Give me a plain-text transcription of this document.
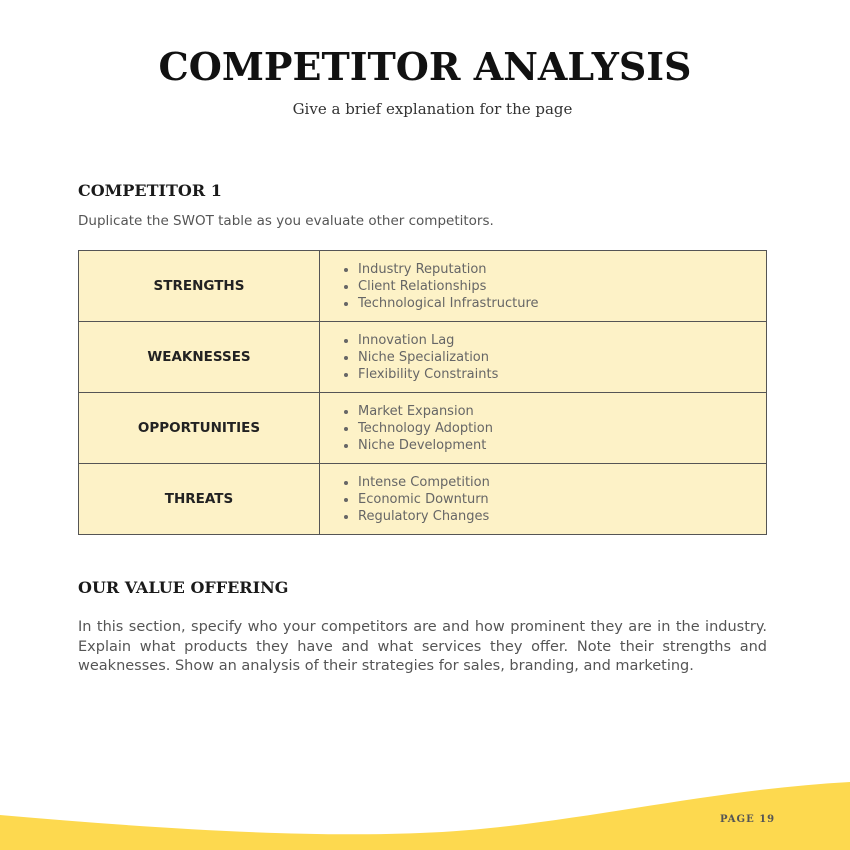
COMPETITOR ANALYSIS
Give a brief explanation for the page
COMPETITOR 1
Duplicate the SWOT table as you evaluate other competitors.
STRENGTHS	
• Industry Reputation
• Client Relationships
• Technological Infrastructure

WEAKNESSES	
• Innovation Lag
• Niche Specialization
• Flexibility Constraints

OPPORTUNITIES	
• Market Expansion
• Technology Adoption
• Niche Development

THREATS	
• Intense Competition
• Economic Downturn
• Regulatory Changes
OUR VALUE OFFERING
In this section, specify who your competitors are and how prominent they are in the industry. Explain what products they have and what services they offer. Note their strengths and weaknesses. Show an analysis of their strategies for sales, branding, and marketing.
PAGE 19
